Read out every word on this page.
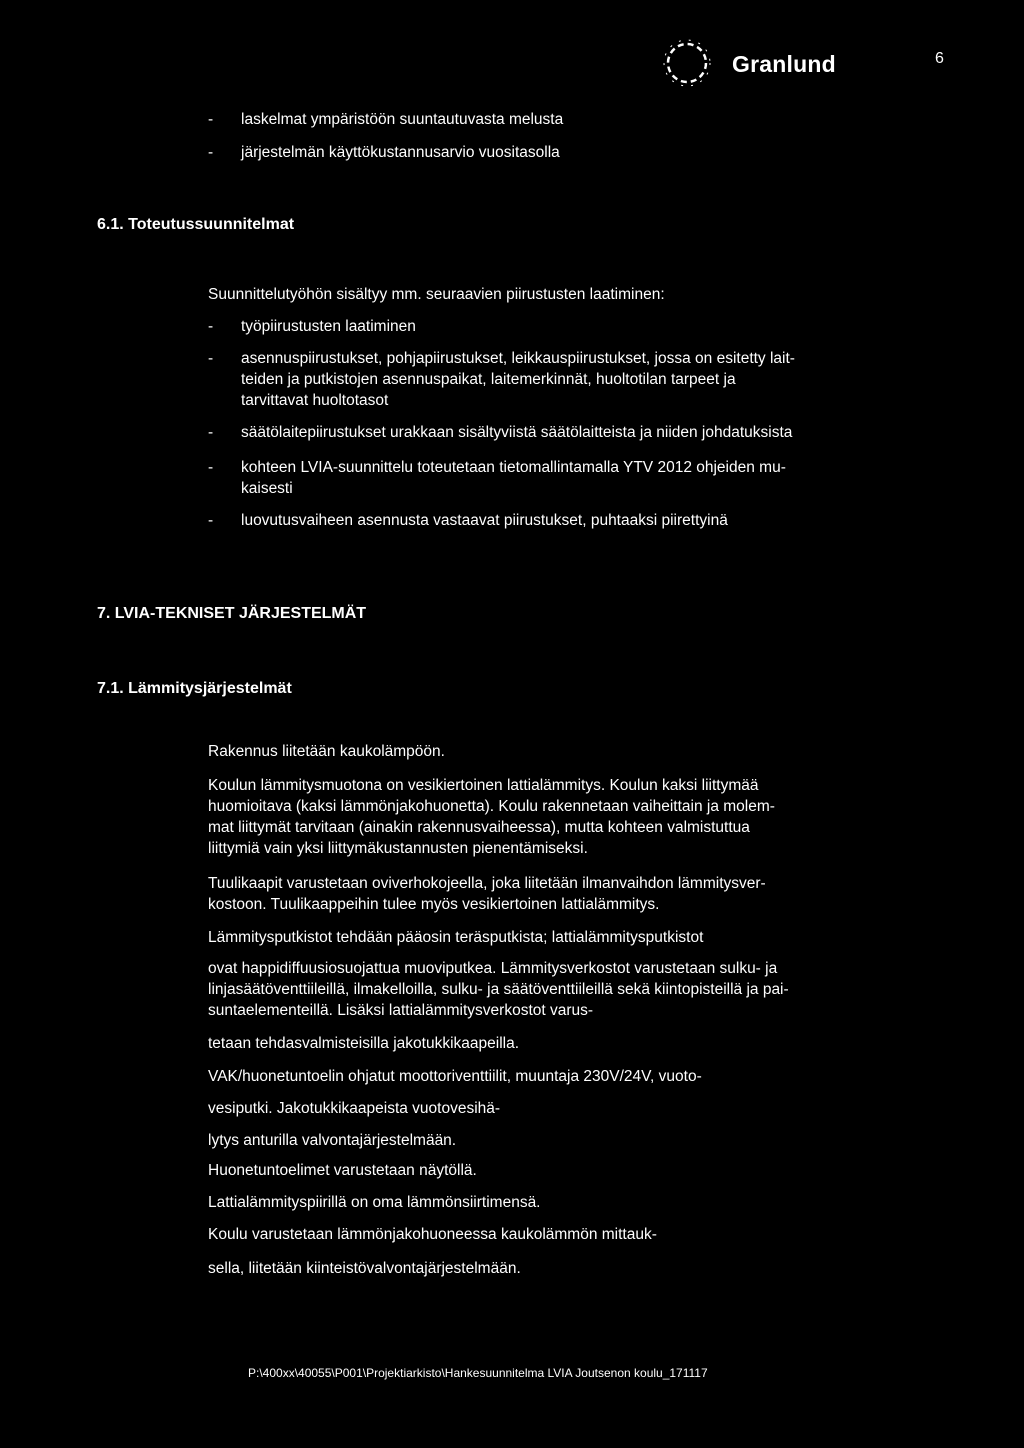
Granlund	6
- laskelmat ympäristöön suuntautuvasta melusta
- järjestelmän käyttökustannusarvio vuositasolla
6.1. Toteutussuunnitelmat
Suunnittelutyöhön sisältyy mm. seuraavien piirustusten laatiminen:
- työpiirustusten laatiminen
- asennuspiirustukset, pohjapiirustukset, leikkauspiirustukset, jossa on esitetty lait-
teiden ja putkistojen asennuspaikat, laitemerkinnät, huoltotilan tarpeet ja
tarvittavat huoltotasot
- säätölaitepiirustukset urakkaan sisältyviistä säätölaitteista ja niiden johdatuksista
- kohteen LVIA-suunnittelu toteutetaan tietomallintamalla YTV 2012 ohjeiden mu-
kaisesti
- luovutusvaiheen asennusta vastaavat piirustukset, puhtaaksi piirettyinä
7. LVIA-TEKNISET JÄRJESTELMÄT
7.1. Lämmitysjärjestelmät
Rakennus liitetään kaukolämpöön.
Koulun lämmitysmuotona on vesikiertoinen lattialämmitys. Koulun kaksi liittymää
huomioitava (kaksi lämmönjakohuonetta). Koulu rakennetaan vaiheittain ja molem-
mat liittymät tarvitaan (ainakin rakennusvaiheessa), mutta kohteen valmistuttua
liittymiä vain yksi liittymäkustannusten pienentämiseksi.
Tuulikaapit varustetaan oviverhokojeella, joka liitetään ilmanvaihdon lämmitysver-
kostoon. Tuulikaappeihin tulee myös vesikiertoinen lattialämmitys.
Lämmitysputkistot tehdään pääosin teräsputkista; lattialämmitysputkistot
ovat happidiffuusiosuojattua muoviputkea. Lämmitysverkostot varustetaan sulku- ja
linjasäätöventtiileillä, ilmakelloilla, sulku- ja säätöventtiileillä sekä kiintopisteillä ja pai-
suntaelementeillä. Lisäksi lattialämmitysverkostot varus-
tetaan tehdasvalmisteisilla jakotukkikaapeilla.
VAK/huonetuntoelin ohjatut moottoriventtiilit, muuntaja 230V/24V, vuoto-
vesiputki. Jakotukkikaapeista vuotovesihä-
lytys anturilla valvontajärjestelmään.
Huonetuntoelimet varustetaan näytöllä.
Lattialämmityspiirillä on oma lämmönsiirtimensä.
Koulu varustetaan lämmönjakohuoneessa kaukolämmön mittauk-
sella, liitetään kiinteistövalvontajärjestelmään.
P:\400xx\40055\P001\Projektiarkisto\Hankesuunnitelma LVIA Joutsenon koulu_171117
